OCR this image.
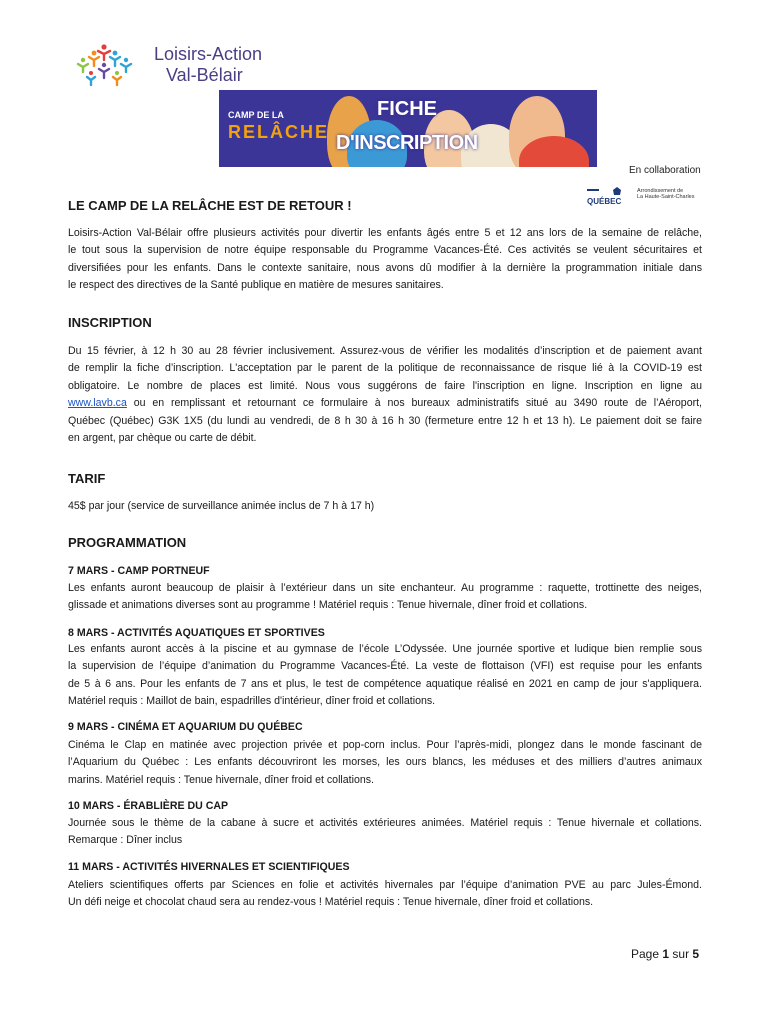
Loisirs-Action
Val-Bélair
CAMP DE LA
RELÂCHE
FICHE
D'INSCRIPTION
En collaboration
QUÉBEC
Arrondissement de
La Haute-Saint-Charles
LE CAMP DE LA RELÂCHE EST DE RETOUR !
Loisirs-Action Val-Bélair offre plusieurs activités pour divertir les enfants âgés entre 5 et 12 ans lors de la semaine de relâche,
le tout sous la supervision de notre équipe responsable du Programme Vacances-Été. Ces activités se veulent sécuritaires et
diversifiées pour les enfants. Dans le contexte sanitaire, nous avons dû modifier à la dernière la programmation initiale dans
le respect des directives de la Santé publique en matière de mesures sanitaires.
INSCRIPTION
Du 15 février, à 12 h 30 au 28 février inclusivement. Assurez-vous de vérifier les modalités d’inscription et de paiement avant
de remplir la fiche d’inscription. L'acceptation par le parent de la politique de reconnaissance de risque lié à la COVID-19 est
obligatoire. Le nombre de places est limité. Nous vous suggérons de faire l'inscription en ligne. Inscription en ligne au
www.lavb.ca ou en remplissant et retournant ce formulaire à nos bureaux administratifs situé au 3490 route de l’Aéroport,
Québec (Québec) G3K 1X5 (du lundi au vendredi, de 8 h 30 à 16 h 30 (fermeture entre 12 h et 13 h). Le paiement doit se faire
en argent, par chèque ou carte de débit.
TARIF
45$ par jour (service de surveillance animée inclus de 7 h à 17 h)
PROGRAMMATION
7 MARS - CAMP PORTNEUF
Les enfants auront beaucoup de plaisir à l’extérieur dans un site enchanteur. Au programme : raquette, trottinette des neiges,
glissade et animations diverses sont au programme ! Matériel requis : Tenue hivernale, dîner froid et collations.
8 MARS - ACTIVITÉS AQUATIQUES ET SPORTIVES
Les enfants auront accès à la piscine et au gymnase de l’école L’Odyssée. Une journée sportive et ludique bien remplie sous
la supervision de l’équipe d’animation du Programme Vacances-Été. La veste de flottaison (VFI) est requise pour les enfants
de 5 à 6 ans. Pour les enfants de 7 ans et plus, le test de compétence aquatique réalisé en 2021 en camp de jour s'appliquera.
Matériel requis : Maillot de bain, espadrilles d'intérieur, dîner froid et collations.
9 MARS - CINÉMA ET AQUARIUM DU QUÉBEC
Cinéma le Clap en matinée avec projection privée et pop-corn inclus. Pour l’après-midi, plongez dans le monde fascinant de
l’Aquarium du Québec : Les enfants découvriront les morses, les ours blancs, les méduses et des milliers d’autres animaux
marins. Matériel requis : Tenue hivernale, dîner froid et collations.
10 MARS - ÉRABLIÈRE DU CAP
Journée sous le thème de la cabane à sucre et activités extérieures animées. Matériel requis : Tenue hivernale et collations.
Remarque : Dîner inclus
11 MARS - ACTIVITÉS HIVERNALES ET SCIENTIFIQUES
Ateliers scientifiques offerts par Sciences en folie et activités hivernales par l’équipe d’animation PVE au parc Jules-Émond.
Un défi neige et chocolat chaud sera au rendez-vous ! Matériel requis : Tenue hivernale, dîner froid et collations.
Page 1 sur 5
